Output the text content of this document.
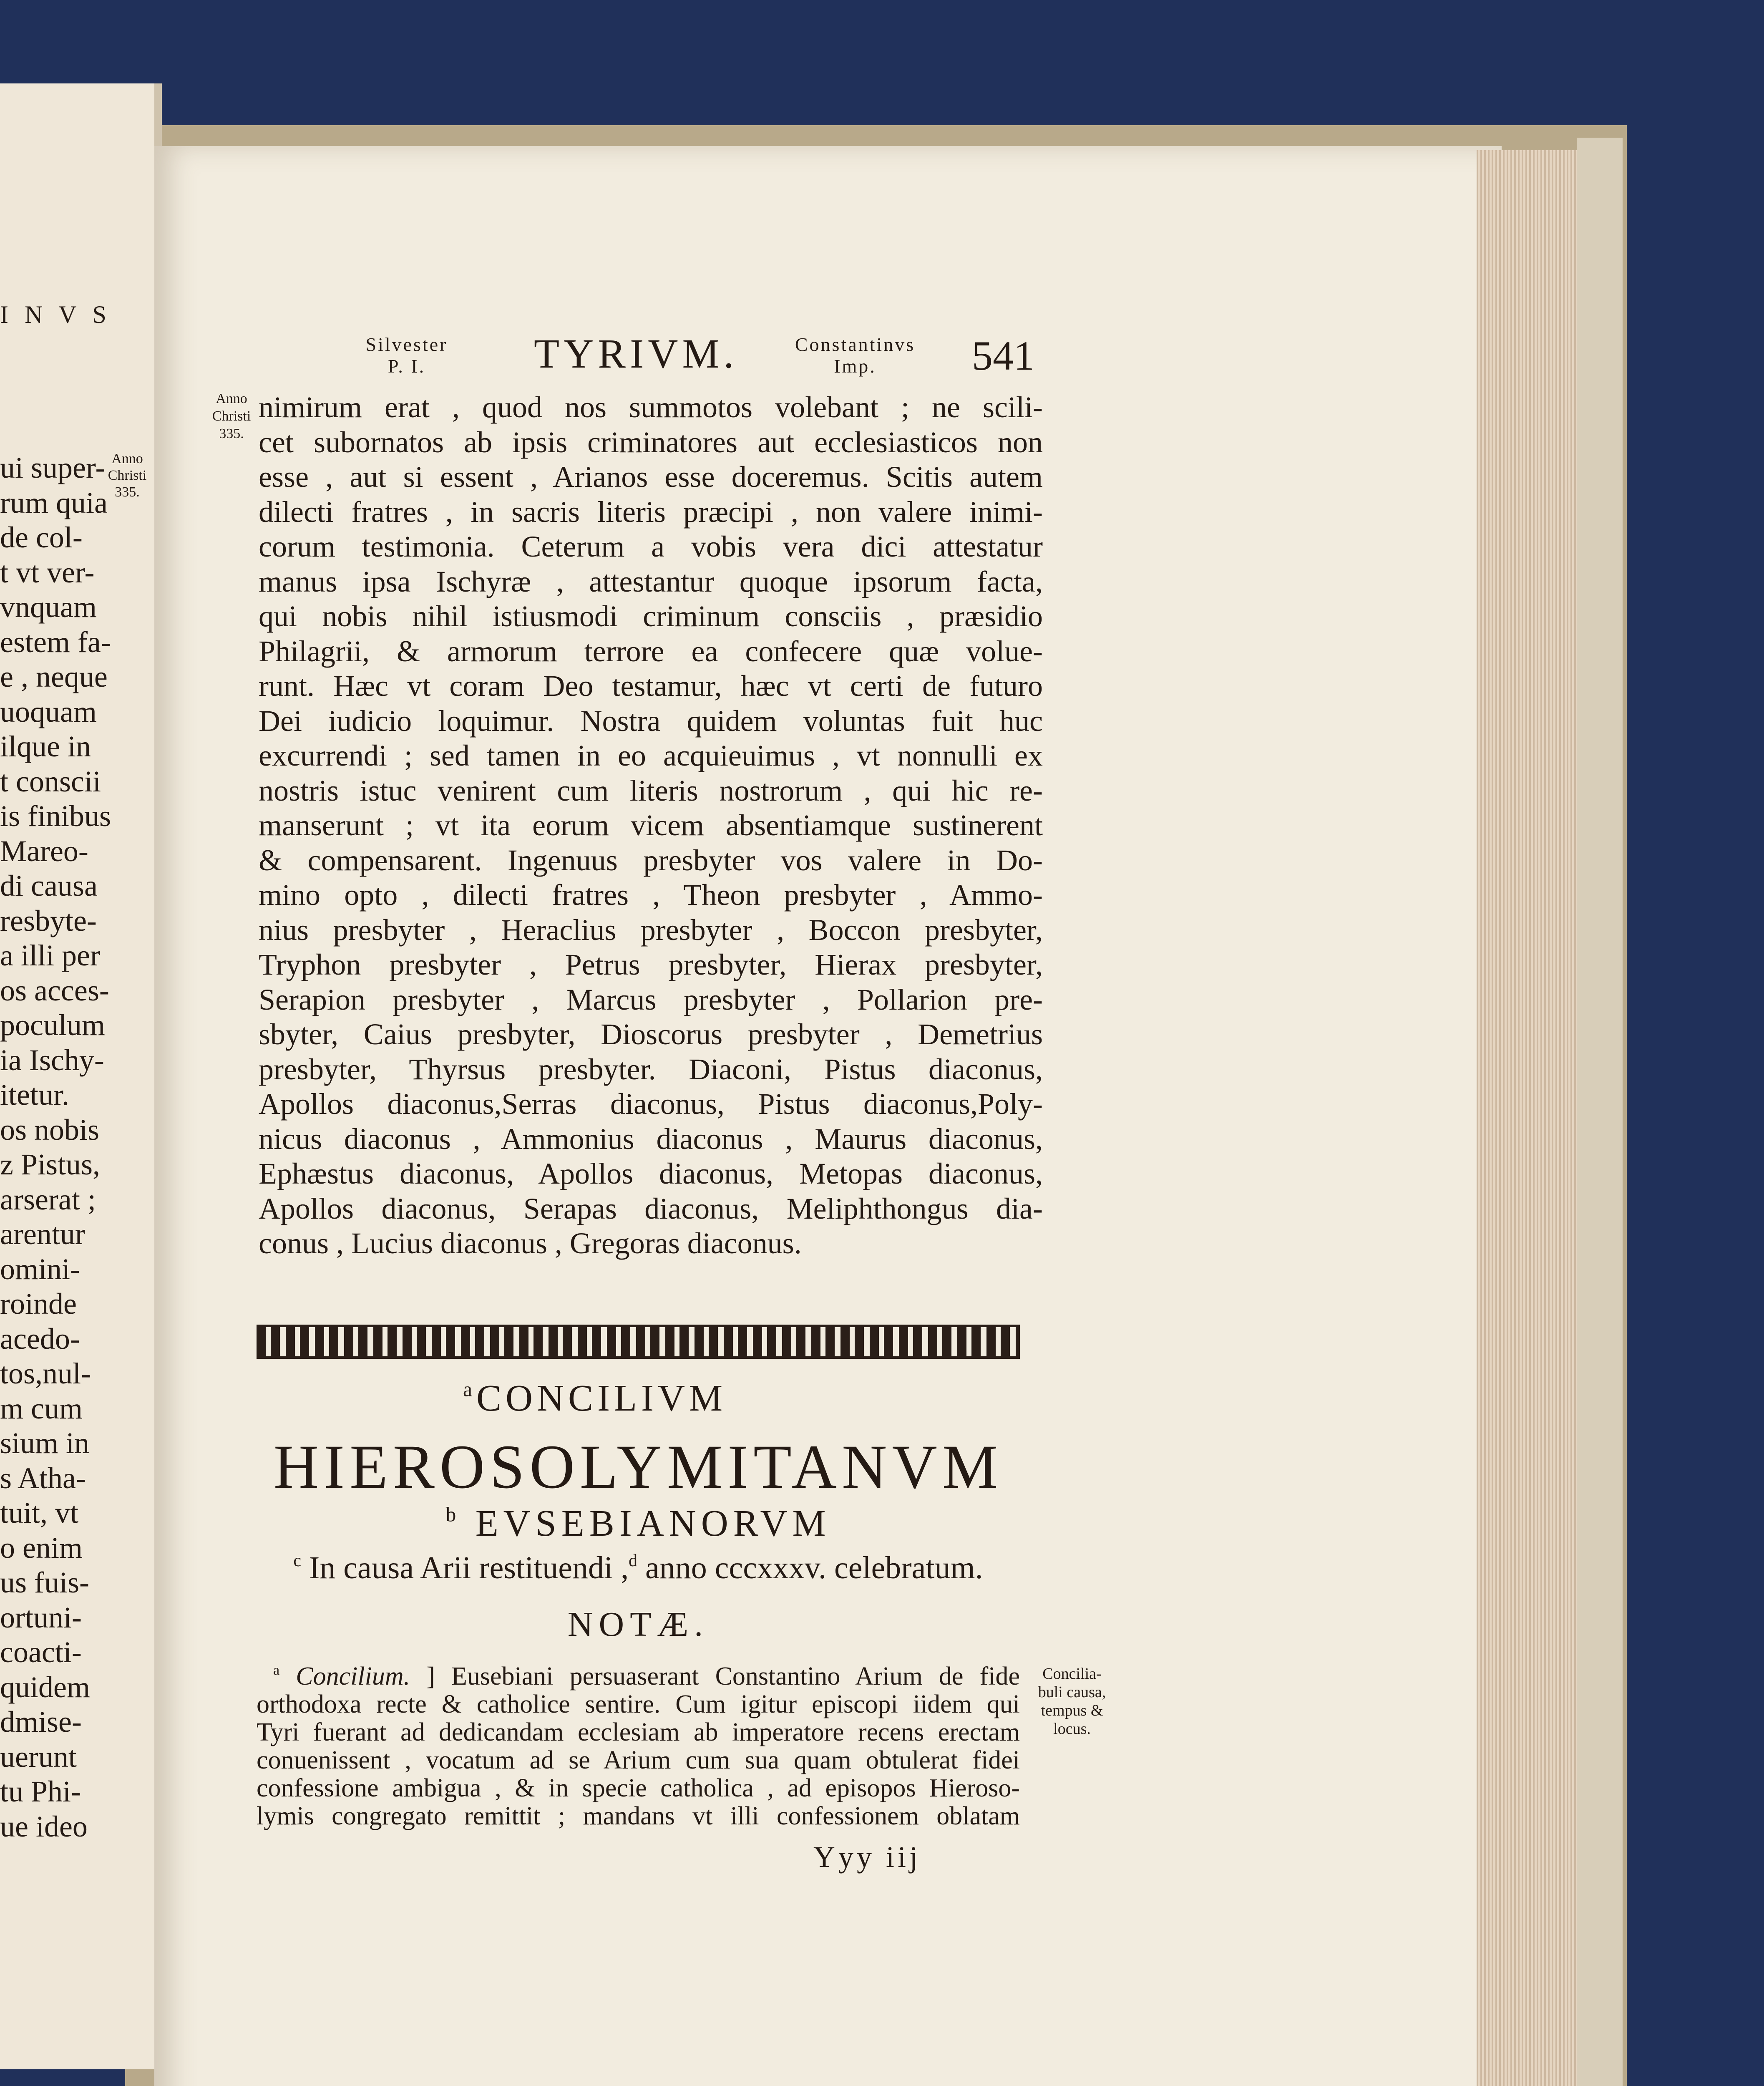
I N V S
ui super-
rum quia
de col-
t vt ver-
vnquam
estem fa-
e , neque
uoquam
ilque in
t conscii
is finibus
Mareo-
di causa
resbyte-
a illi per
os acces-
poculum
ia Ischy-
itetur.
os nobis
z Pistus,
arserat ;
arentur
omini-
roinde
acedo-
tos,nul-
m cum
sium in
s Atha-
tuit, vt
o enim
us fuis-
ortuni-
coacti-
quidem
dmise-
uerunt
tu Phi-
ue ideo
Anno
Christi
335.
Silvester
P. I.	TYRIVM.	Constantinvs
Imp.	541
Anno
Christi
335.
nimirum erat , quod nos summotos volebant ; ne scili-
cet subornatos ab ipsis criminatores aut ecclesiasticos non
esse , aut si essent , Arianos esse doceremus. Scitis autem
dilecti fratres , in sacris literis præcipi , non valere inimi-
corum testimonia. Ceterum a vobis vera dici attestatur
manus ipsa Ischyræ , attestantur quoque ipsorum facta,
qui nobis nihil istiusmodi criminum consciis , præsidio
Philagrii, & armorum terrore ea confecere quæ volue-
runt. Hæc vt coram Deo testamur, hæc vt certi de futuro
Dei iudicio loquimur. Nostra quidem voluntas fuit huc
excurrendi ; sed tamen in eo acquieuimus , vt nonnulli ex
nostris istuc venirent cum literis nostrorum , qui hic re-
manserunt ; vt ita eorum vicem absentiamque sustinerent
& compensarent. Ingenuus presbyter vos valere in Do-
mino opto , dilecti fratres , Theon presbyter , Ammo-
nius presbyter , Heraclius presbyter , Boccon presbyter,
Tryphon presbyter , Petrus presbyter, Hierax presbyter,
Serapion presbyter , Marcus presbyter , Pollarion pre-
sbyter, Caius presbyter, Dioscorus presbyter , Demetrius
presbyter, Thyrsus presbyter. Diaconi, Pistus diaconus,
Apollos diaconus,Serras diaconus, Pistus diaconus,Poly-
nicus diaconus , Ammonius diaconus , Maurus diaconus,
Ephæstus diaconus, Apollos diaconus, Metopas diaconus,
Apollos diaconus, Serapas diaconus, Meliphthongus dia-
conus , Lucius diaconus , Gregoras diaconus.
$^a$CONCILIVM
HIEROSOLYMITANVM
$^b$ EVSEBIANORVM
$^c$ In causa Arii restituendi ,$^d$ anno cccxxxv. celebratum.
NOTÆ.
$^a$ Concilium. ] Eusebiani persuaserant Constantino Arium de fide
orthodoxa recte & catholice sentire. Cum igitur episcopi iidem qui
Tyri fuerant ad dedicandam ecclesiam ab imperatore recens erectam
conuenissent , vocatum ad se Arium cum sua quam obtulerat fidei
confessione ambigua , & in specie catholica , ad episopos Hieroso-
lymis congregato remittit ; mandans vt illi confessionem oblatam
Concilia-
buli causa,
tempus &
locus.
Yyy iij
